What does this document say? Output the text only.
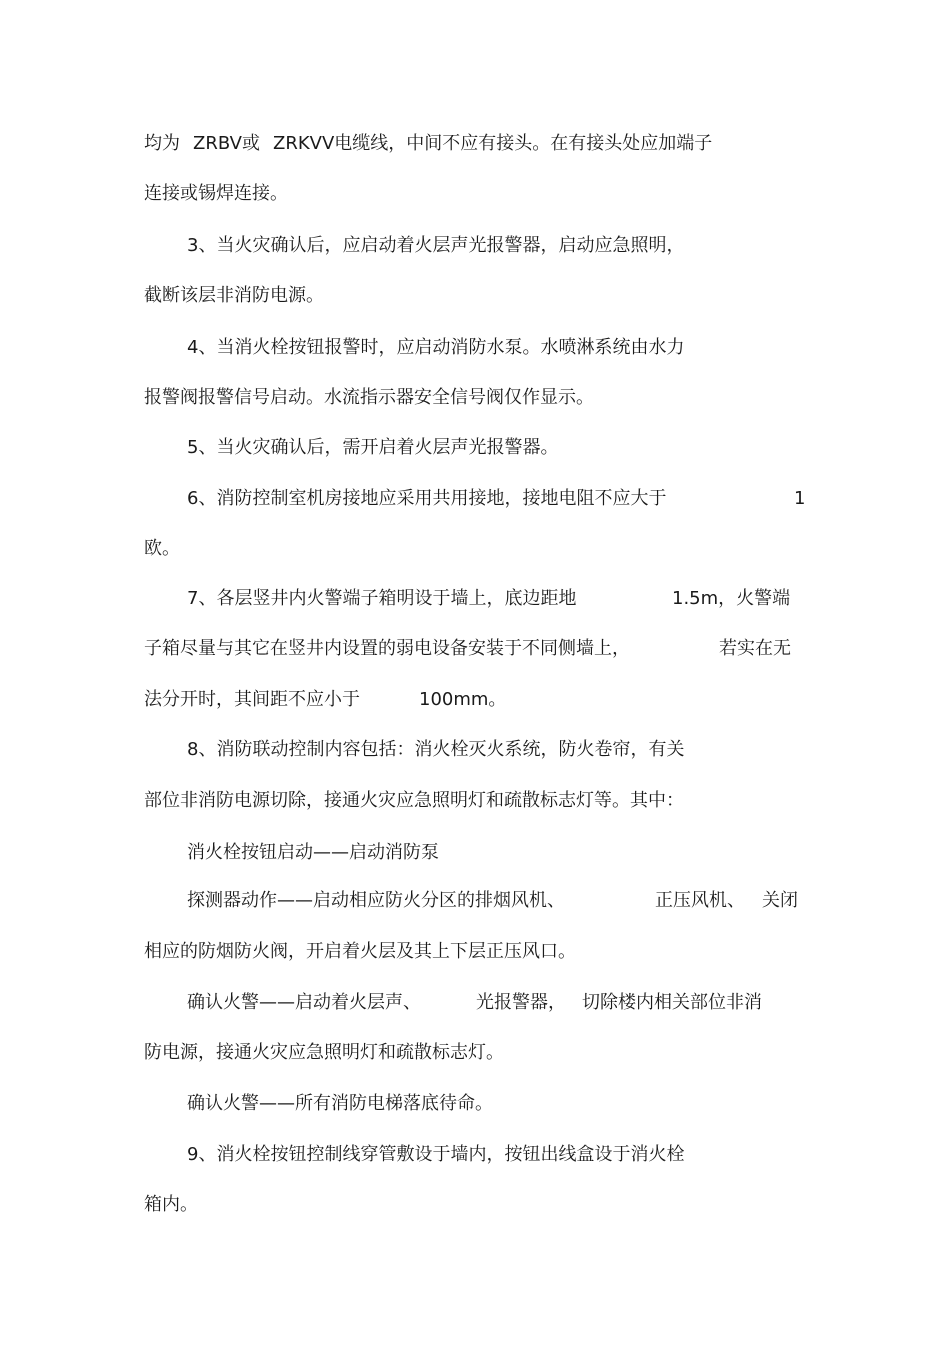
均为 ZRBV或 ZRKVV电缆线，中间不应有接头。在有接头处应加端子
连接或锡焊连接。
3、当火灾确认后，应启动着火层声光报警器，启动应急照明，
截断该层非消防电源。
4、当消火栓按钮报警时，应启动消防水泵。水喷淋系统由水力
报警阀报警信号启动。水流指示器安全信号阀仅作显示。
5、当火灾确认后，需开启着火层声光报警器。
6、消防控制室机房接地应采用共用接地，接地电阻不应大于	1
欧。
7、各层竖井内火警端子箱明设于墙上，底边距地	1.5m，火警端
子箱尽量与其它在竖井内设置的弱电设备安装于不同侧墙上，	若实在无
法分开时，其间距不应小于	100mm。
8、消防联动控制内容包括：消火栓灭火系统，防火卷帘，有关
部位非消防电源切除，接通火灾应急照明灯和疏散标志灯等。其中：
消火栓按钮启动——启动消防泵
探测器动作——启动相应防火分区的排烟风机、	正压风机、 关闭
相应的防烟防火阀，开启着火层及其上下层正压风口。
确认火警——启动着火层声、	光报警器， 切除楼内相关部位非消
防电源，接通火灾应急照明灯和疏散标志灯。
确认火警——所有消防电梯落底待命。
9、消火栓按钮控制线穿管敷设于墙内，按钮出线盒设于消火栓
箱内。
